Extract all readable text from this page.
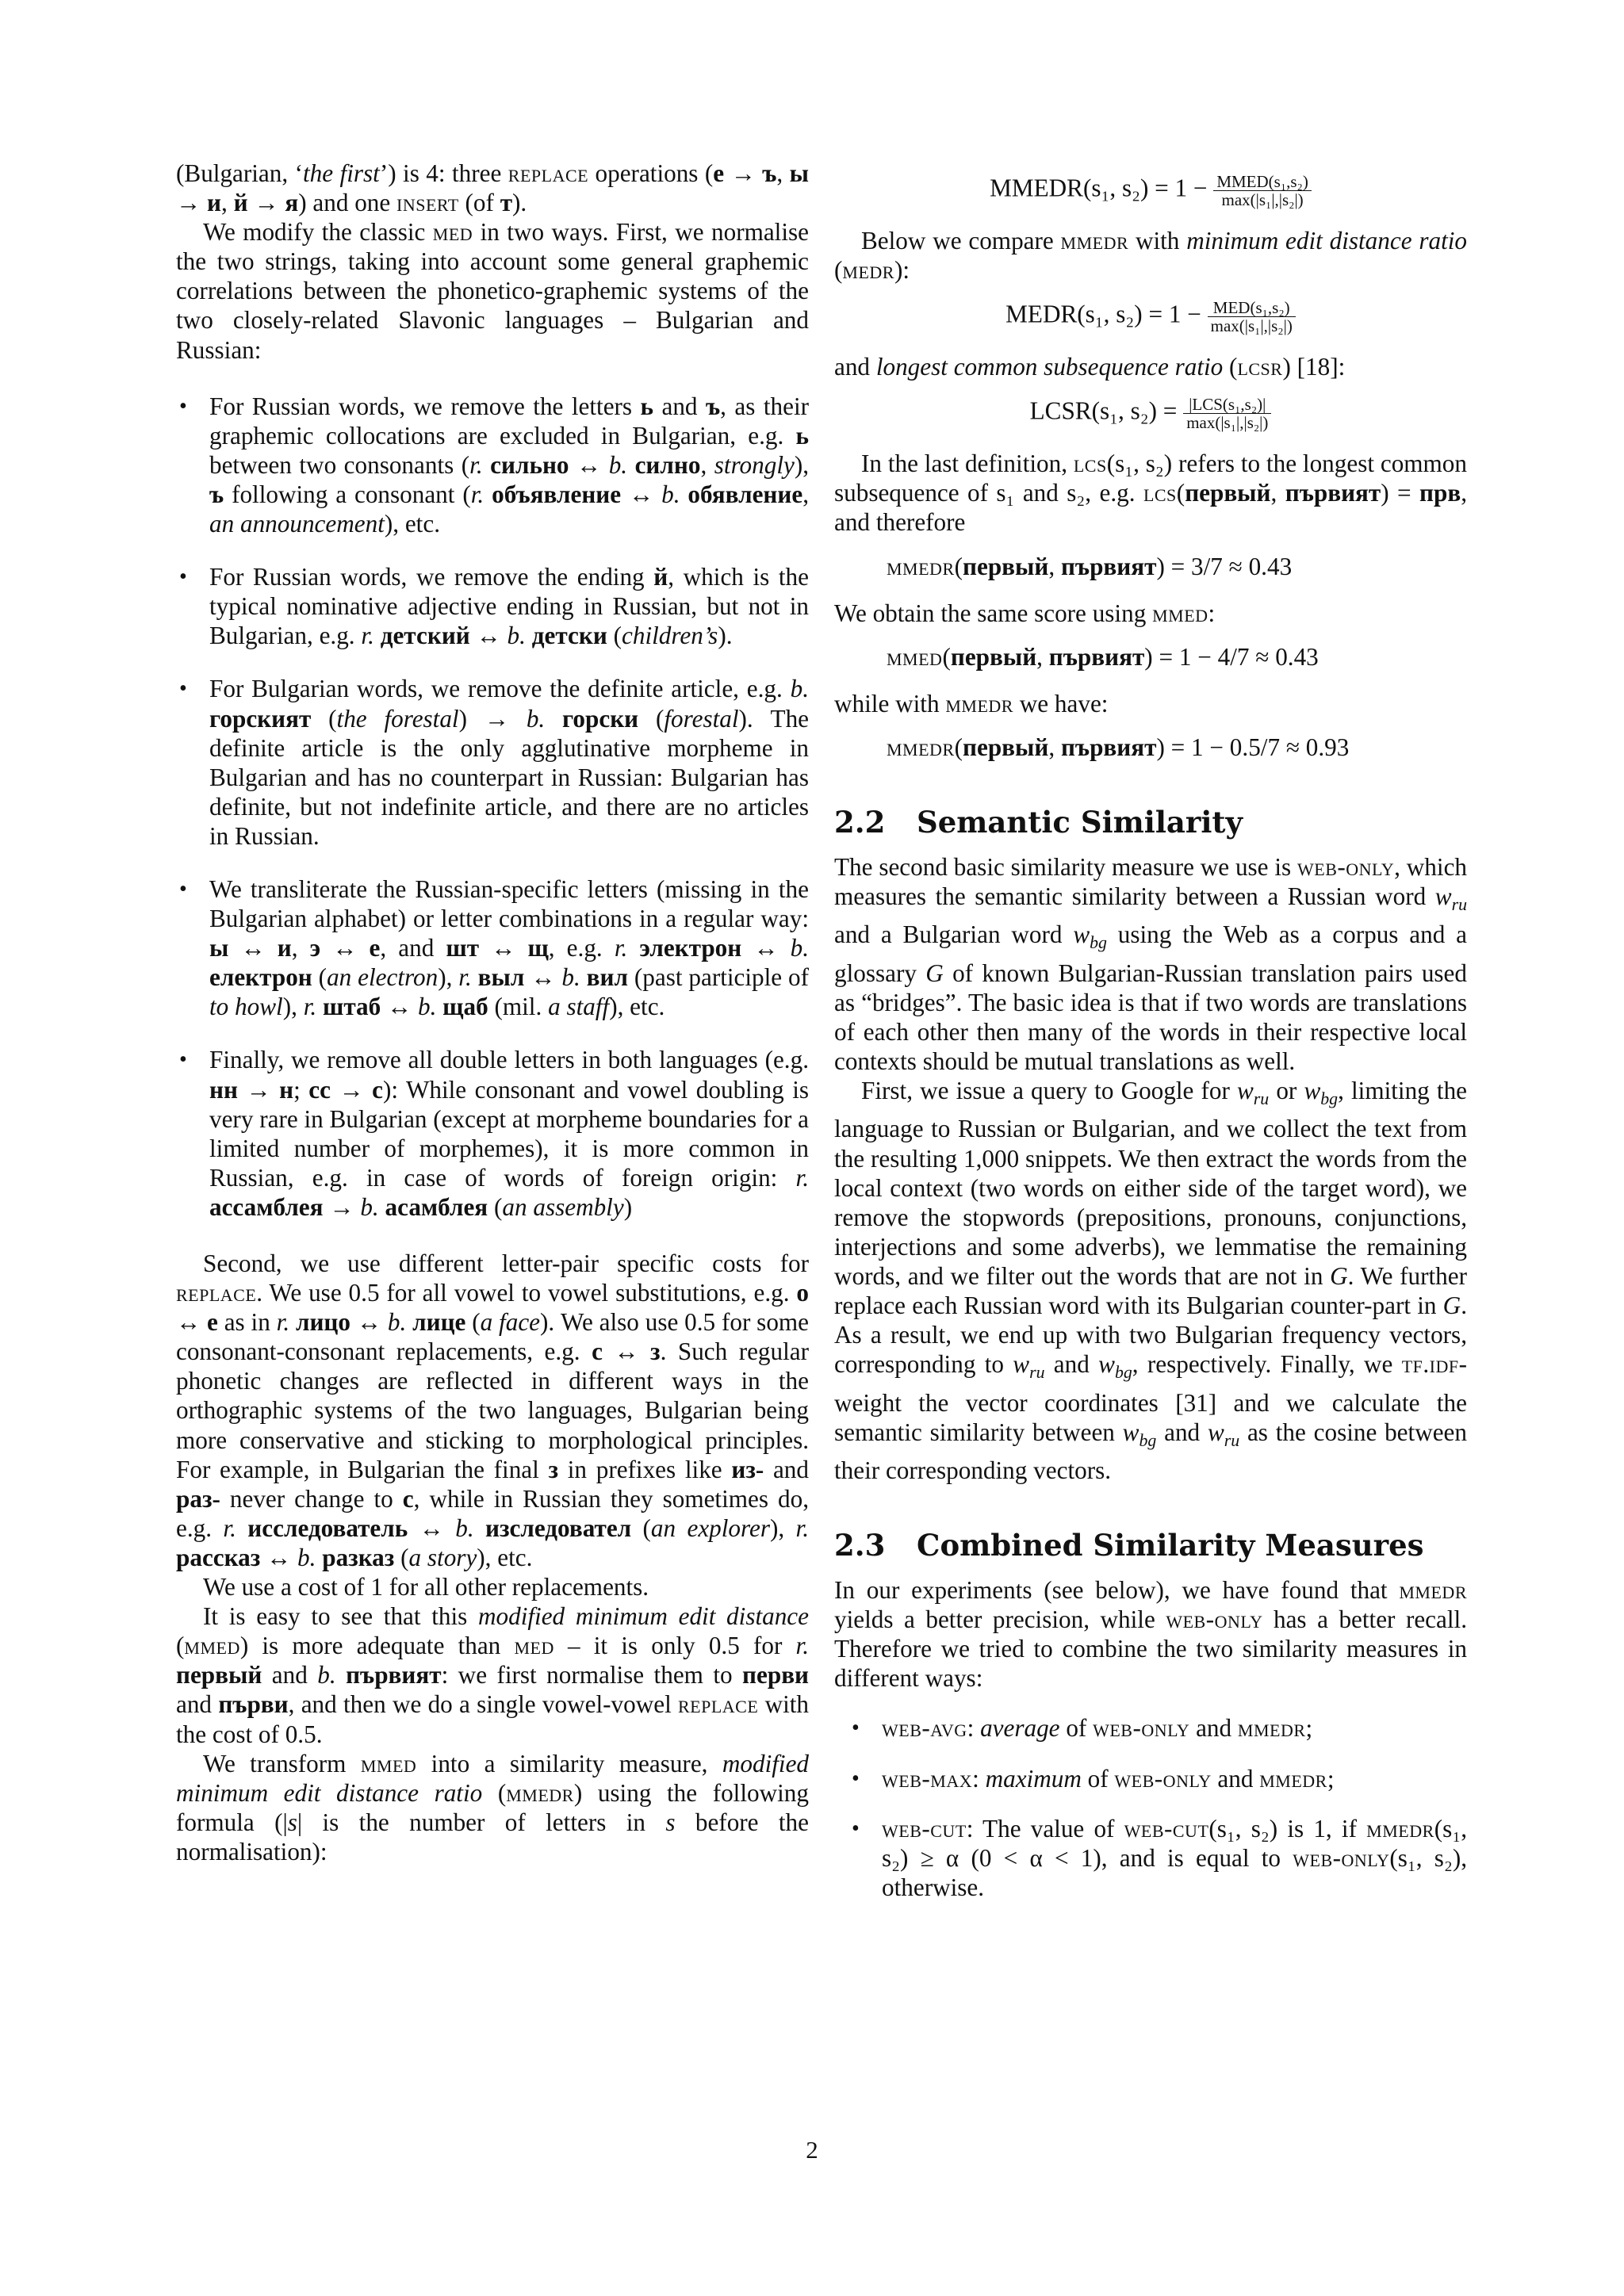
(Bulgarian, ‘the first’) is 4: three replace operations (е → ъ, ы → и, й → я) and one insert (of т).

We modify the classic med in two ways. First, we normalise the two strings, taking into account some general graphemic correlations between the phonetico-graphemic systems of the two closely-related Slavonic languages – Bulgarian and Russian:

• For Russian words, we remove the letters ь and ъ, as their graphemic collocations are excluded in Bulgarian, e.g. ь between two consonants (r. сильно ↔ b. силно, strongly), ъ following a consonant (r. объявление ↔ b. обявление, an announcement), etc.
• For Russian words, we remove the ending й, which is the typical nominative adjective ending in Russian, but not in Bulgarian, e.g. r. детский ↔ b. детски (children’s).
• For Bulgarian words, we remove the definite article, e.g. b. горският (the forestal) → b. горски (forestal). The definite article is the only agglutinative morpheme in Bulgarian and has no counterpart in Russian: Bulgarian has definite, but not indefinite article, and there are no articles in Russian.
• We transliterate the Russian-specific letters (missing in the Bulgarian alphabet) or letter combinations in a regular way: ы ↔ и, э ↔ е, and шт ↔ щ, e.g. r. электрон ↔ b. електрон (an electron), r. выл ↔ b. вил (past participle of to howl), r. штаб ↔ b. щаб (mil. a staff), etc.
• Finally, we remove all double letters in both languages (e.g. нн → н; сс → с): While consonant and vowel doubling is very rare in Bulgarian (except at morpheme boundaries for a limited number of morphemes), it is more common in Russian, e.g. in case of words of foreign origin: r. ассамблея → b. асамблея (an assembly)

Second, we use different letter-pair specific costs for replace. We use 0.5 for all vowel to vowel substitutions, e.g. о ↔ е as in r. лицо ↔ b. лице (a face). We also use 0.5 for some consonant-consonant replacements, e.g. с ↔ з. Such regular phonetic changes are reflected in different ways in the orthographic systems of the two languages, Bulgarian being more conservative and sticking to morphological principles. For example, in Bulgarian the final з in prefixes like из- and раз- never change to с, while in Russian they sometimes do, e.g. r. исследователь ↔ b. изследовател (an explorer), r. рассказ ↔ b. разказ (a story), etc.

We use a cost of 1 for all other replacements.

It is easy to see that this modified minimum edit distance (mmed) is more adequate than med – it is only 0.5 for r. первый and b. първият: we first normalise them to перви and първи, and then we do a single vowel-vowel replace with the cost of 0.5.

We transform mmed into a similarity measure, modified minimum edit distance ratio (mmedr) using the following formula (|s| is the number of letters in s before the normalisation):

MMEDR(s₁, $s_2) = 1 - \frac{\text{MMED(s₁,s₂)}}{\text{max(|s₁|,|s₂|)}}$

Below we compare mmedr with minimum edit distance ratio (medr):

MEDR(s₁, $s_2) = 1 - \frac{\text{MED(s₁,s₂)}}{\text{max(|s₁|,|s₂|)}}$

and longest common subsequence ratio (lcsr) [18]:

LCSR(s₁, $s_2) = \frac{\text{|LCS(s₁,s₂)|}}{\text{max(|s₁|,|s₂|)}}$

In the last definition, lcs(s₁, s₂) refers to the longest common subsequence of s₁ and s₂, e.g. lcs(первый, първият) = прв, and therefore

mmedr(первый, първият) = 3/7 ≈ 0.43

We obtain the same score using mmed:

mmed(первый, първият) = 1 − 4/7 ≈ 0.43

while with mmedr we have:

mmedr(первый, първият) = 1 − 0.5/7 ≈ 0.93
2.2 Semantic Similarity

The second basic similarity measure we use is web-only, which measures the semantic similarity between a Russian word $w_{ru}$ and a Bulgarian word $w_{bg}$ using the Web as a corpus and a glossary G of known Bulgarian-Russian translation pairs used as “bridges”. The basic idea is that if two words are translations of each other then many of the words in their respective local contexts should be mutual translations as well.

First, we issue a query to Google for $w_{ru}$ or $w_{bg}$, limiting the language to Russian or Bulgarian, and we collect the text from the resulting 1,000 snippets. We then extract the words from the local context (two words on either side of the target word), we remove the stopwords (prepositions, pronouns, conjunctions, interjections and some adverbs), we lemmatise the remaining words, and we filter out the words that are not in G. We further replace each Russian word with its Bulgarian counter-part in G. As a result, we end up with two Bulgarian frequency vectors, corresponding to $w_{ru}$ and $w_{bg}$, respectively. Finally, we tf.idf-weight the vector coordinates [31] and we calculate the semantic similarity between $w_{bg}$ and $w_{ru}$ as the cosine between their corresponding vectors.

2.3 Combined Similarity Measures

In our experiments (see below), we have found that mmedr yields a better precision, while web-only has a better recall. Therefore we tried to combine the two similarity measures in different ways:

• web-avg: average of web-only and mmedr;
• web-max: maximum of web-only and mmedr;
• web-cut: The value of web-cut(s₁, s₂) is 1, if mmedr(s₁, s₂) ≥ α (0 < α < 1), and is equal to web-only(s₁, s₂), otherwise.
2
